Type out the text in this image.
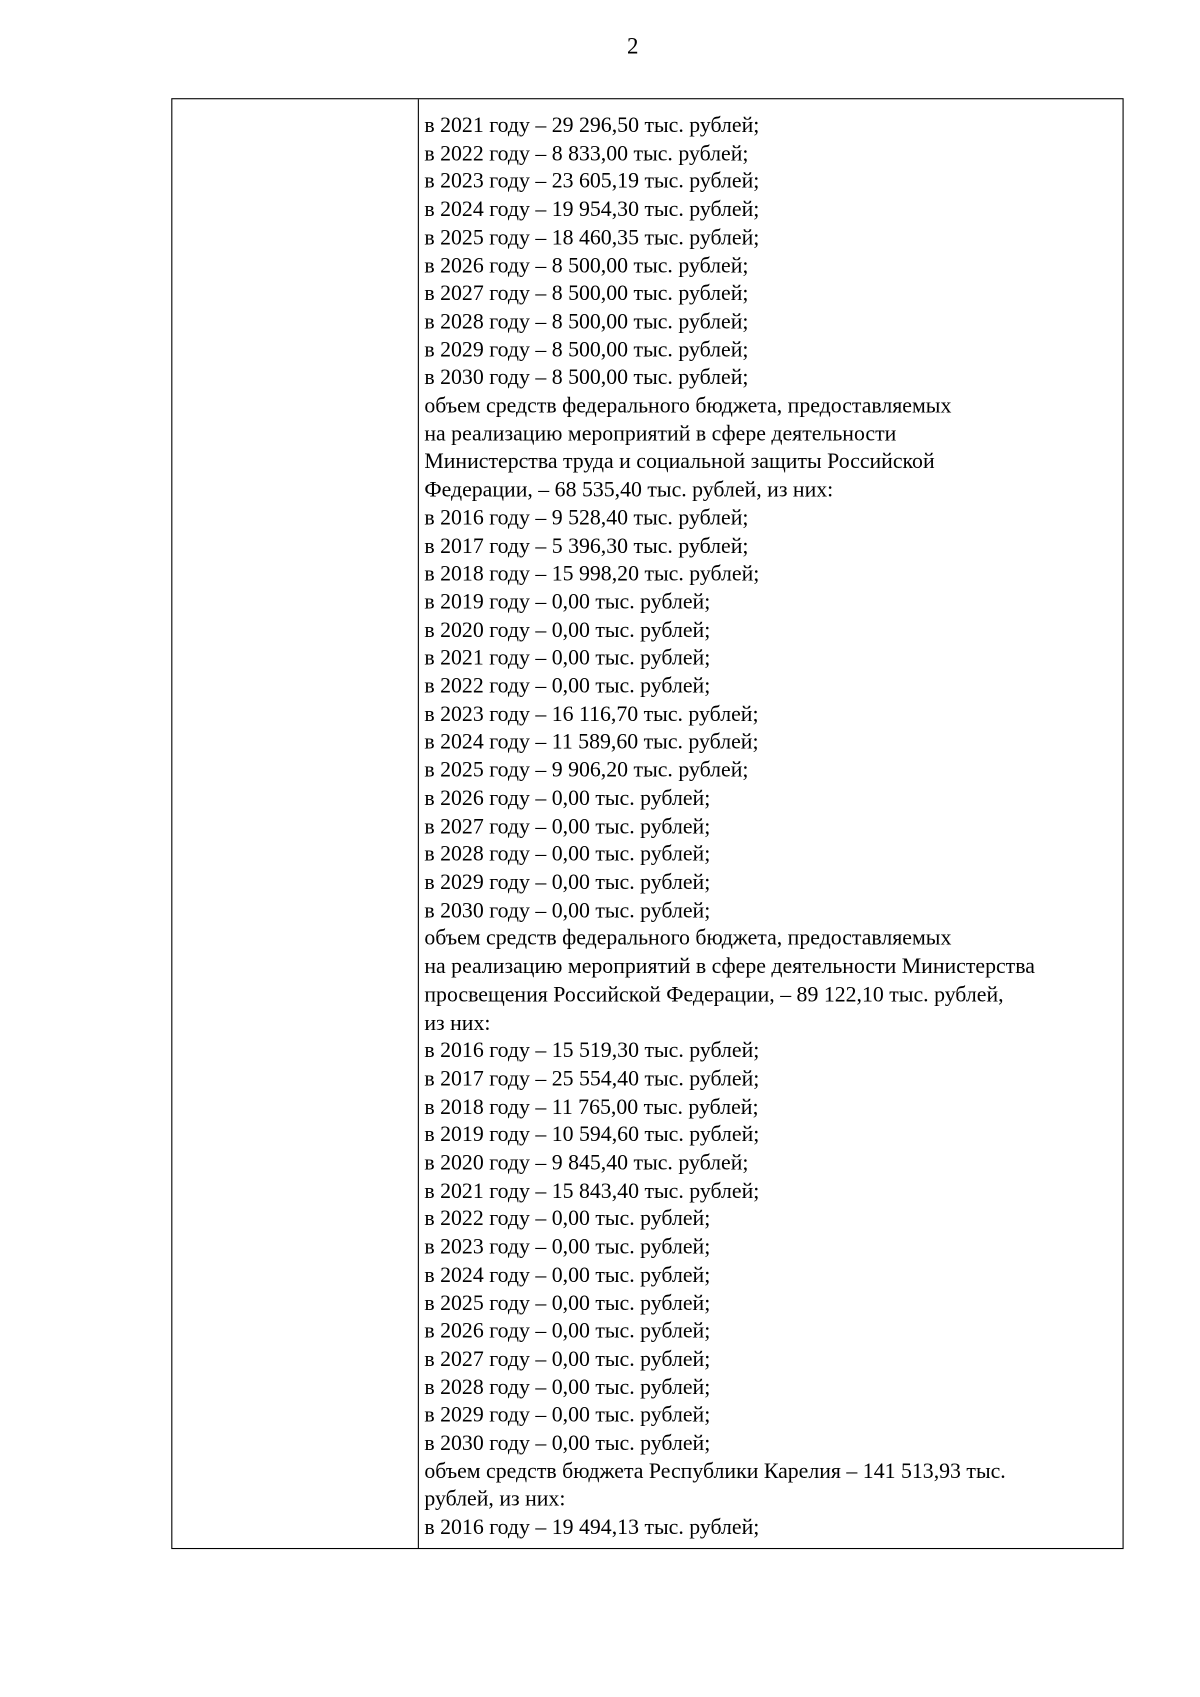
2
в 2021 году – 29 296,50 тыс. рублей;
в 2022 году – 8 833,00 тыс. рублей;
в 2023 году – 23 605,19 тыс. рублей;
в 2024 году – 19 954,30 тыс. рублей;
в 2025 году – 18 460,35 тыс. рублей;
в 2026 году – 8 500,00 тыс. рублей;
в 2027 году – 8 500,00 тыс. рублей;
в 2028 году – 8 500,00 тыс. рублей;
в 2029 году – 8 500,00 тыс. рублей;
в 2030 году – 8 500,00 тыс. рублей;
объем средств федерального бюджета, предоставляемых
на реализацию мероприятий в сфере деятельности
Министерства труда и социальной защиты Российской
Федерации, – 68 535,40 тыс. рублей, из них:
в 2016 году – 9 528,40 тыс. рублей;
в 2017 году – 5 396,30 тыс. рублей;
в 2018 году – 15 998,20 тыс. рублей;
в 2019 году – 0,00 тыс. рублей;
в 2020 году – 0,00 тыс. рублей;
в 2021 году – 0,00 тыс. рублей;
в 2022 году – 0,00 тыс. рублей;
в 2023 году – 16 116,70 тыс. рублей;
в 2024 году – 11 589,60 тыс. рублей;
в 2025 году – 9 906,20 тыс. рублей;
в 2026 году – 0,00 тыс. рублей;
в 2027 году – 0,00 тыс. рублей;
в 2028 году – 0,00 тыс. рублей;
в 2029 году – 0,00 тыс. рублей;
в 2030 году – 0,00 тыс. рублей;
объем средств федерального бюджета, предоставляемых
на реализацию мероприятий в сфере деятельности Министерства
просвещения Российской Федерации, – 89 122,10 тыс. рублей,
из них:
в 2016 году – 15 519,30 тыс. рублей;
в 2017 году – 25 554,40 тыс. рублей;
в 2018 году – 11 765,00 тыс. рублей;
в 2019 году – 10 594,60 тыс. рублей;
в 2020 году – 9 845,40 тыс. рублей;
в 2021 году – 15 843,40 тыс. рублей;
в 2022 году – 0,00 тыс. рублей;
в 2023 году – 0,00 тыс. рублей;
в 2024 году – 0,00 тыс. рублей;
в 2025 году – 0,00 тыс. рублей;
в 2026 году – 0,00 тыс. рублей;
в 2027 году – 0,00 тыс. рублей;
в 2028 году – 0,00 тыс. рублей;
в 2029 году – 0,00 тыс. рублей;
в 2030 году – 0,00 тыс. рублей;
объем средств бюджета Республики Карелия – 141 513,93 тыс.
рублей, из них:
в 2016 году – 19 494,13 тыс. рублей;
